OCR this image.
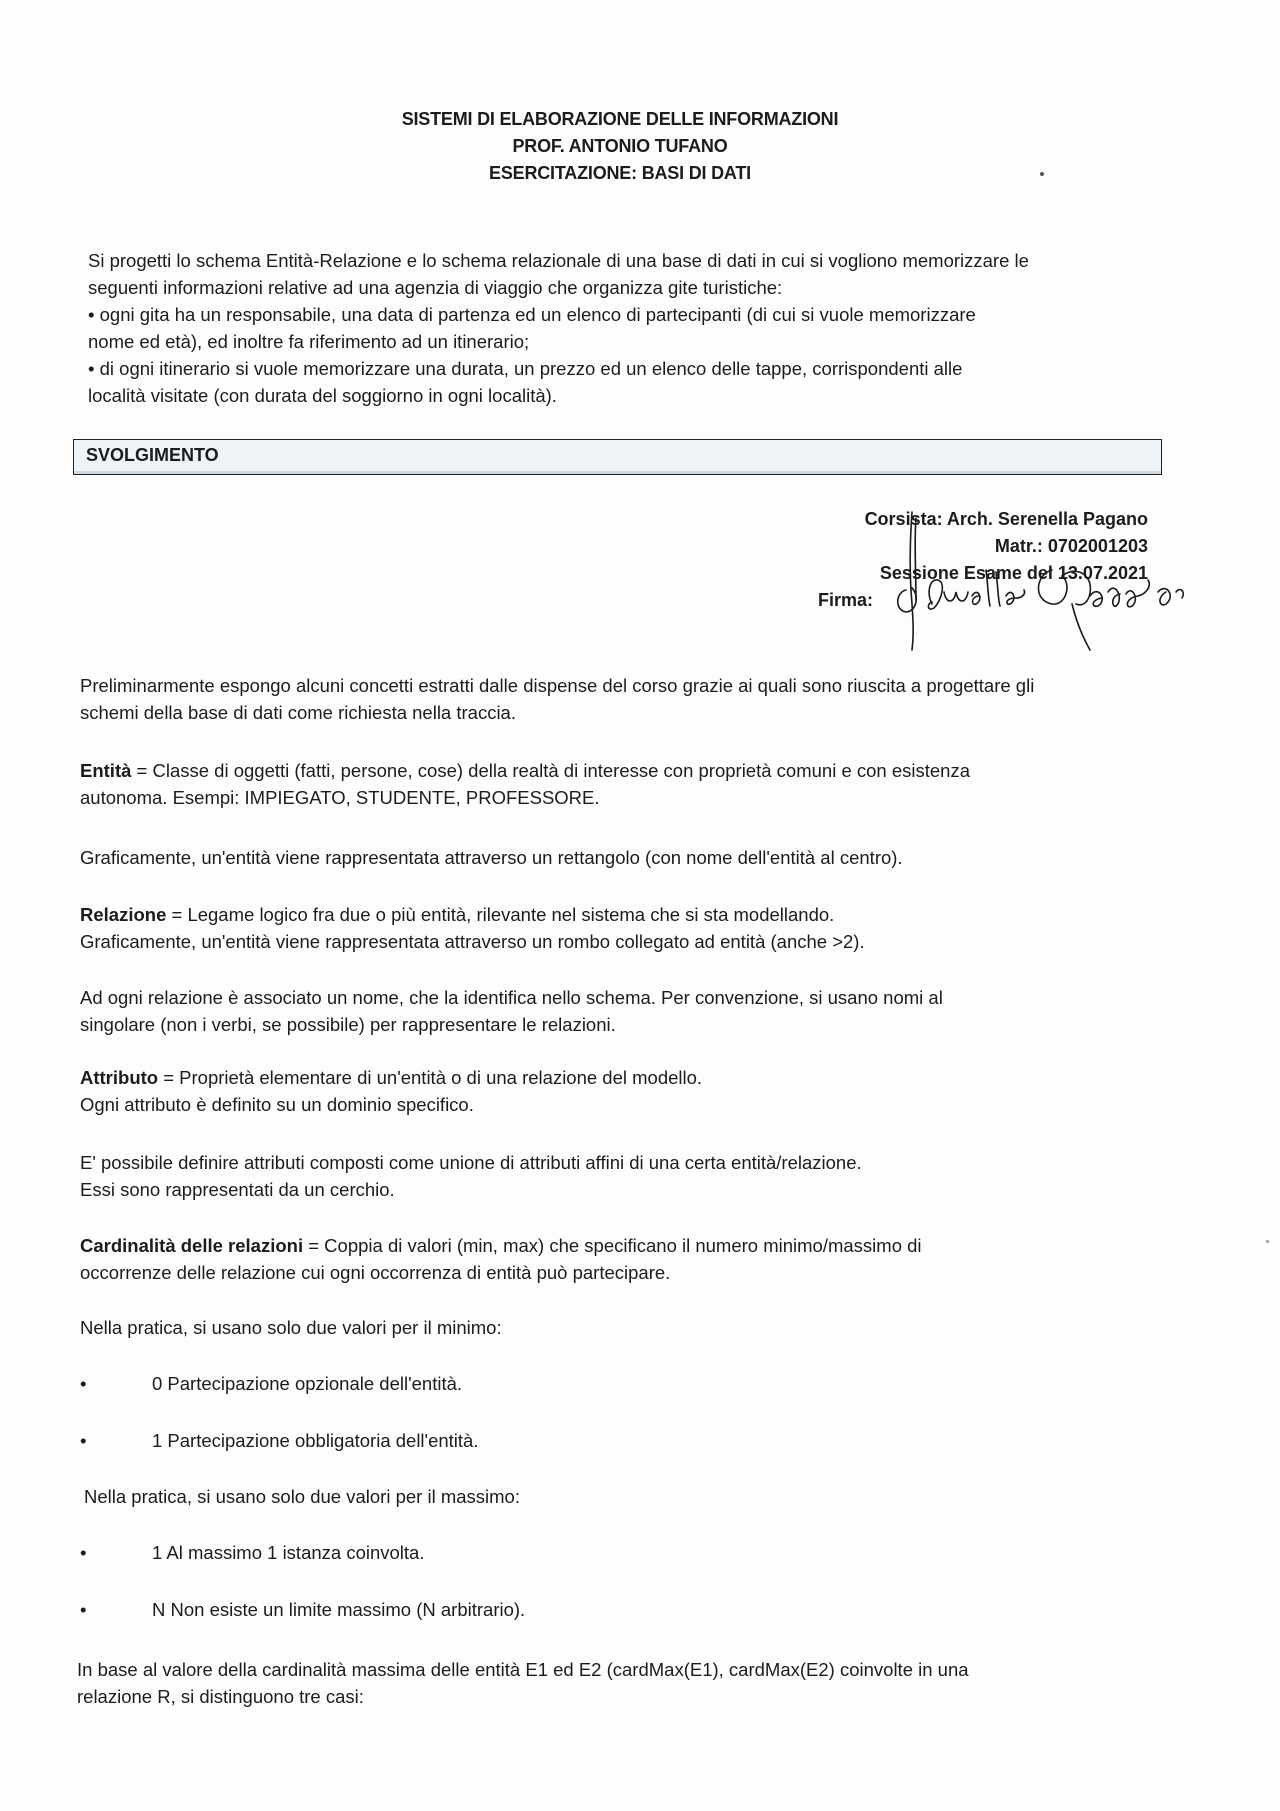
SISTEMI DI ELABORAZIONE DELLE INFORMAZIONI
PROF. ANTONIO TUFANO
ESERCITAZIONE: BASI DI DATI

Si progetti lo schema Entità-Relazione e lo schema relazionale di una base di dati in cui si vogliono memorizzare le

seguenti informazioni relative ad una agenzia di viaggio che organizza gite turistiche:

• ogni gita ha un responsabile, una data di partenza ed un elenco di partecipanti (di cui si vuole memorizzare

nome ed età), ed inoltre fa riferimento ad un itinerario;

• di ogni itinerario si vuole memorizzare una durata, un prezzo ed un elenco delle tappe, corrispondenti alle

località visitate (con durata del soggiorno in ogni località).

SVOLGIMENTO
Corsista: Arch. Serenella Pagano
Matr.: 0702001203
Sessione Esame del 13.07.2021
Firma:

Preliminarmente espongo alcuni concetti estratti dalle dispense del corso grazie ai quali sono riuscita a progettare gli

schemi della base di dati come richiesta nella traccia.

Entità = Classe di oggetti (fatti, persone, cose) della realtà di interesse con proprietà comuni e con esistenza

autonoma. Esempi: IMPIEGATO, STUDENTE, PROFESSORE.

Graficamente, un'entità viene rappresentata attraverso un rettangolo (con nome dell'entità al centro).

Relazione = Legame logico fra due o più entità, rilevante nel sistema che si sta modellando.

Graficamente, un'entità viene rappresentata attraverso un rombo collegato ad entità (anche >2).

Ad ogni relazione è associato un nome, che la identifica nello schema. Per convenzione, si usano nomi al

singolare (non i verbi, se possibile) per rappresentare le relazioni.

Attributo = Proprietà elementare di un'entità o di una relazione del modello.

Ogni attributo è definito su un dominio specifico.

E' possibile definire attributi composti come unione di attributi affini di una certa entità/relazione.

Essi sono rappresentati da un cerchio.

Cardinalità delle relazioni = Coppia di valori (min, max) che specificano il numero minimo/massimo di

occorrenze delle relazione cui ogni occorrenza di entità può partecipare.

Nella pratica, si usano solo due valori per il minimo:

•	0 Partecipazione opzionale dell'entità.
•	1 Partecipazione obbligatoria dell'entità.

Nella pratica, si usano solo due valori per il massimo:

•	1 Al massimo 1 istanza coinvolta.
•	N Non esiste un limite massimo (N arbitrario).

In base al valore della cardinalità massima delle entità E1 ed E2 (cardMax(E1), cardMax(E2) coinvolte in una

relazione R, si distinguono tre casi:
